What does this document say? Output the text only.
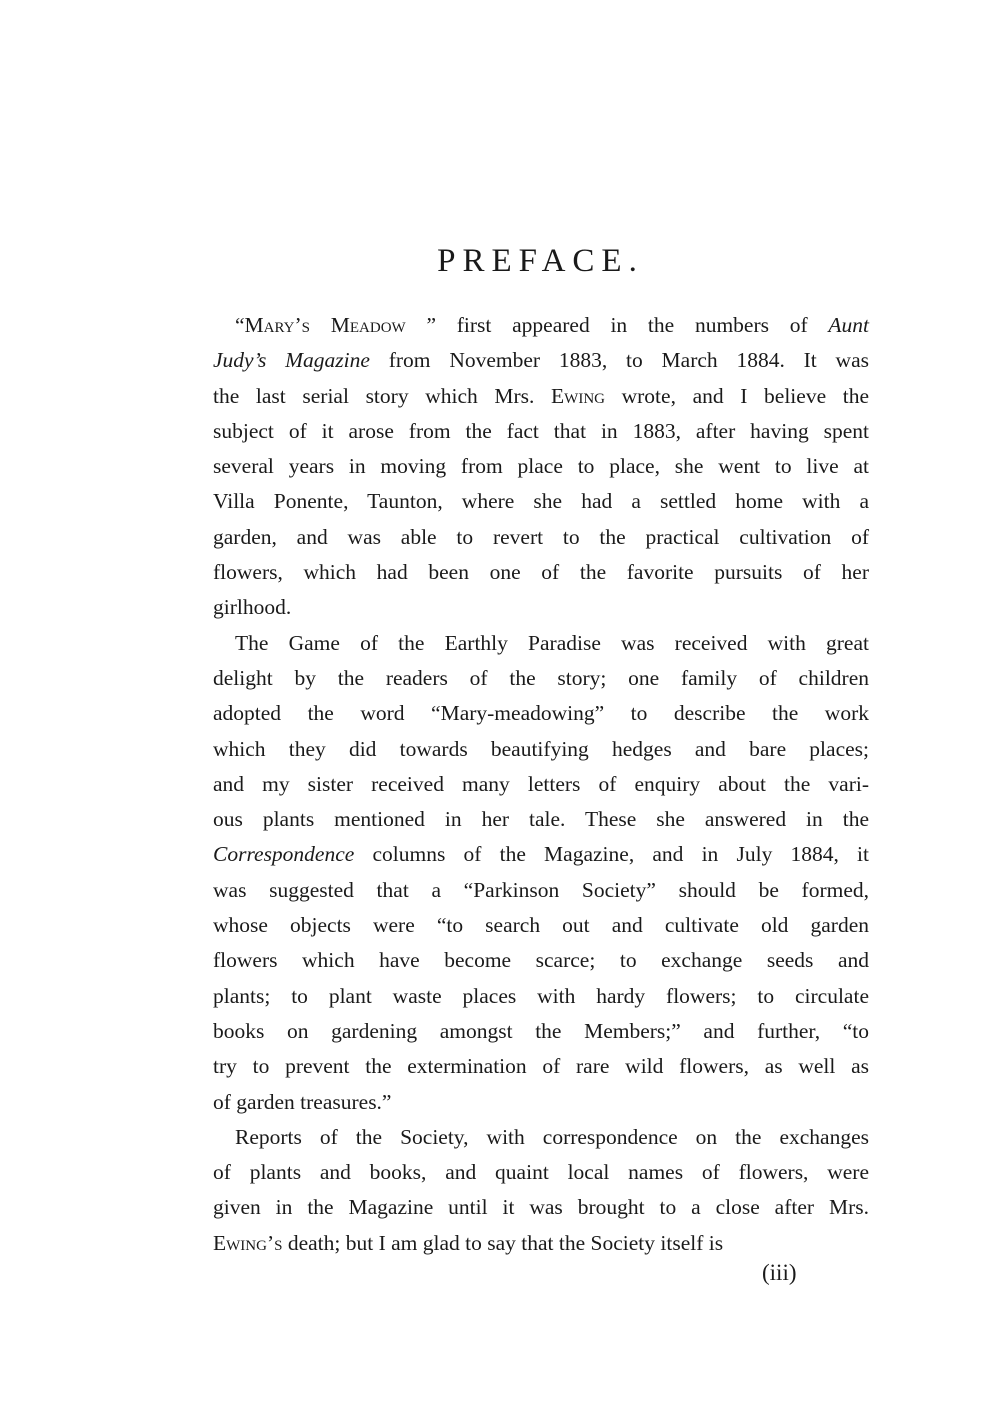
PREFACE.

“Mary’s Meadow ” first appeared in the numbers of Aunt
Judy’s Magazine from November 1883, to March 1884. It was
the last serial story which Mrs. Ewing wrote, and I believe the
subject of it arose from the fact that in 1883, after having spent
several years in moving from place to place, she went to live at
Villa Ponente, Taunton, where she had a settled home with a
garden, and was able to revert to the practical cultivation of
flowers, which had been one of the favorite pursuits of her
girlhood.

The Game of the Earthly Paradise was received with great
delight by the readers of the story; one family of children
adopted the word “Mary-meadowing” to describe the work
which they did towards beautifying hedges and bare places;
and my sister received many letters of enquiry about the vari-
ous plants mentioned in her tale. These she answered in the
Correspondence columns of the Magazine, and in July 1884, it
was suggested that a “Parkinson Society” should be formed,
whose objects were “to search out and cultivate old garden
flowers which have become scarce; to exchange seeds and
plants; to plant waste places with hardy flowers; to circulate
books on gardening amongst the Members;” and further, “to
try to prevent the extermination of rare wild flowers, as well as
of garden treasures.”

Reports of the Society, with correspondence on the exchanges
of plants and books, and quaint local names of flowers, were
given in the Magazine until it was brought to a close after Mrs.
Ewing’s death; but I am glad to say that the Society itself is

(iii)
